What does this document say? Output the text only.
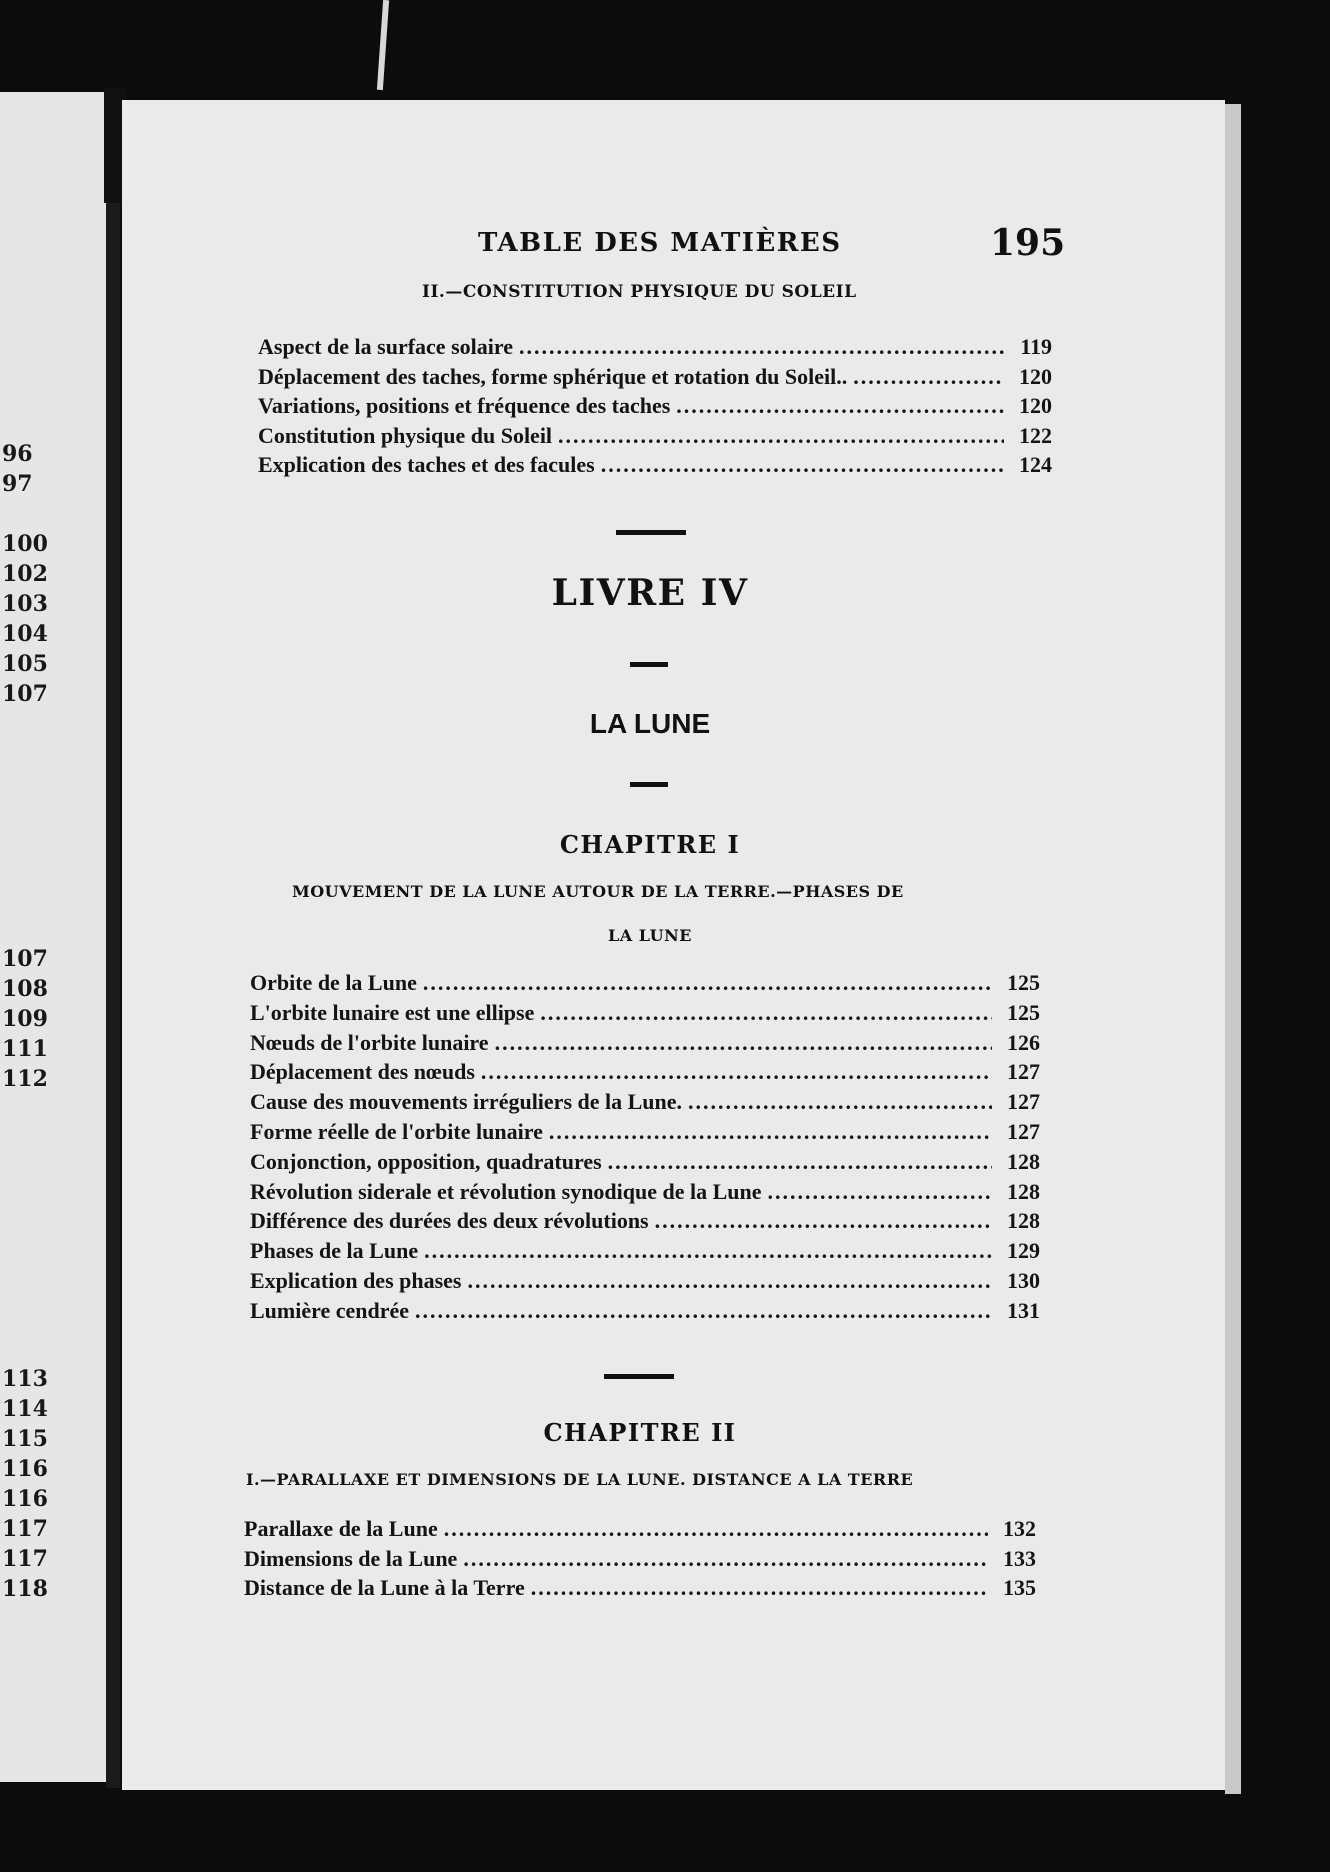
96
97
100
102
103
104
105
107
107
108
109
111
112
113
114
115
116
116
117
117
118
TABLE DES MATIÈRES	195
II.—CONSTITUTION PHYSIQUE DU SOLEIL
Aspect de la surface solaire .....	119
Déplacement des taches, forme sphérique et rotation du Soleil.. .....	120
Variations, positions et fréquence des taches .....	120
Constitution physique du Soleil .....	122
Explication des taches et des facules .....	124
LIVRE IV
LA LUNE
CHAPITRE I
MOUVEMENT DE LA LUNE AUTOUR DE LA TERRE.—PHASES DE
LA LUNE
Orbite de la Lune .....	125
L'orbite lunaire est une ellipse .....	125
Nœuds de l'orbite lunaire .....	126
Déplacement des nœuds .....	127
Cause des mouvements irréguliers de la Lune. .....	127
Forme réelle de l'orbite lunaire .....	127
Conjonction, opposition, quadratures .....	128
Révolution siderale et révolution synodique de la Lune .....	128
Différence des durées des deux révolutions .....	128
Phases de la Lune .....	129
Explication des phases .....	130
Lumière cendrée .....	131
CHAPITRE II
I.—PARALLAXE ET DIMENSIONS DE LA LUNE. DISTANCE A LA TERRE
Parallaxe de la Lune .....	132
Dimensions de la Lune .....	133
Distance de la Lune à la Terre .....	135
